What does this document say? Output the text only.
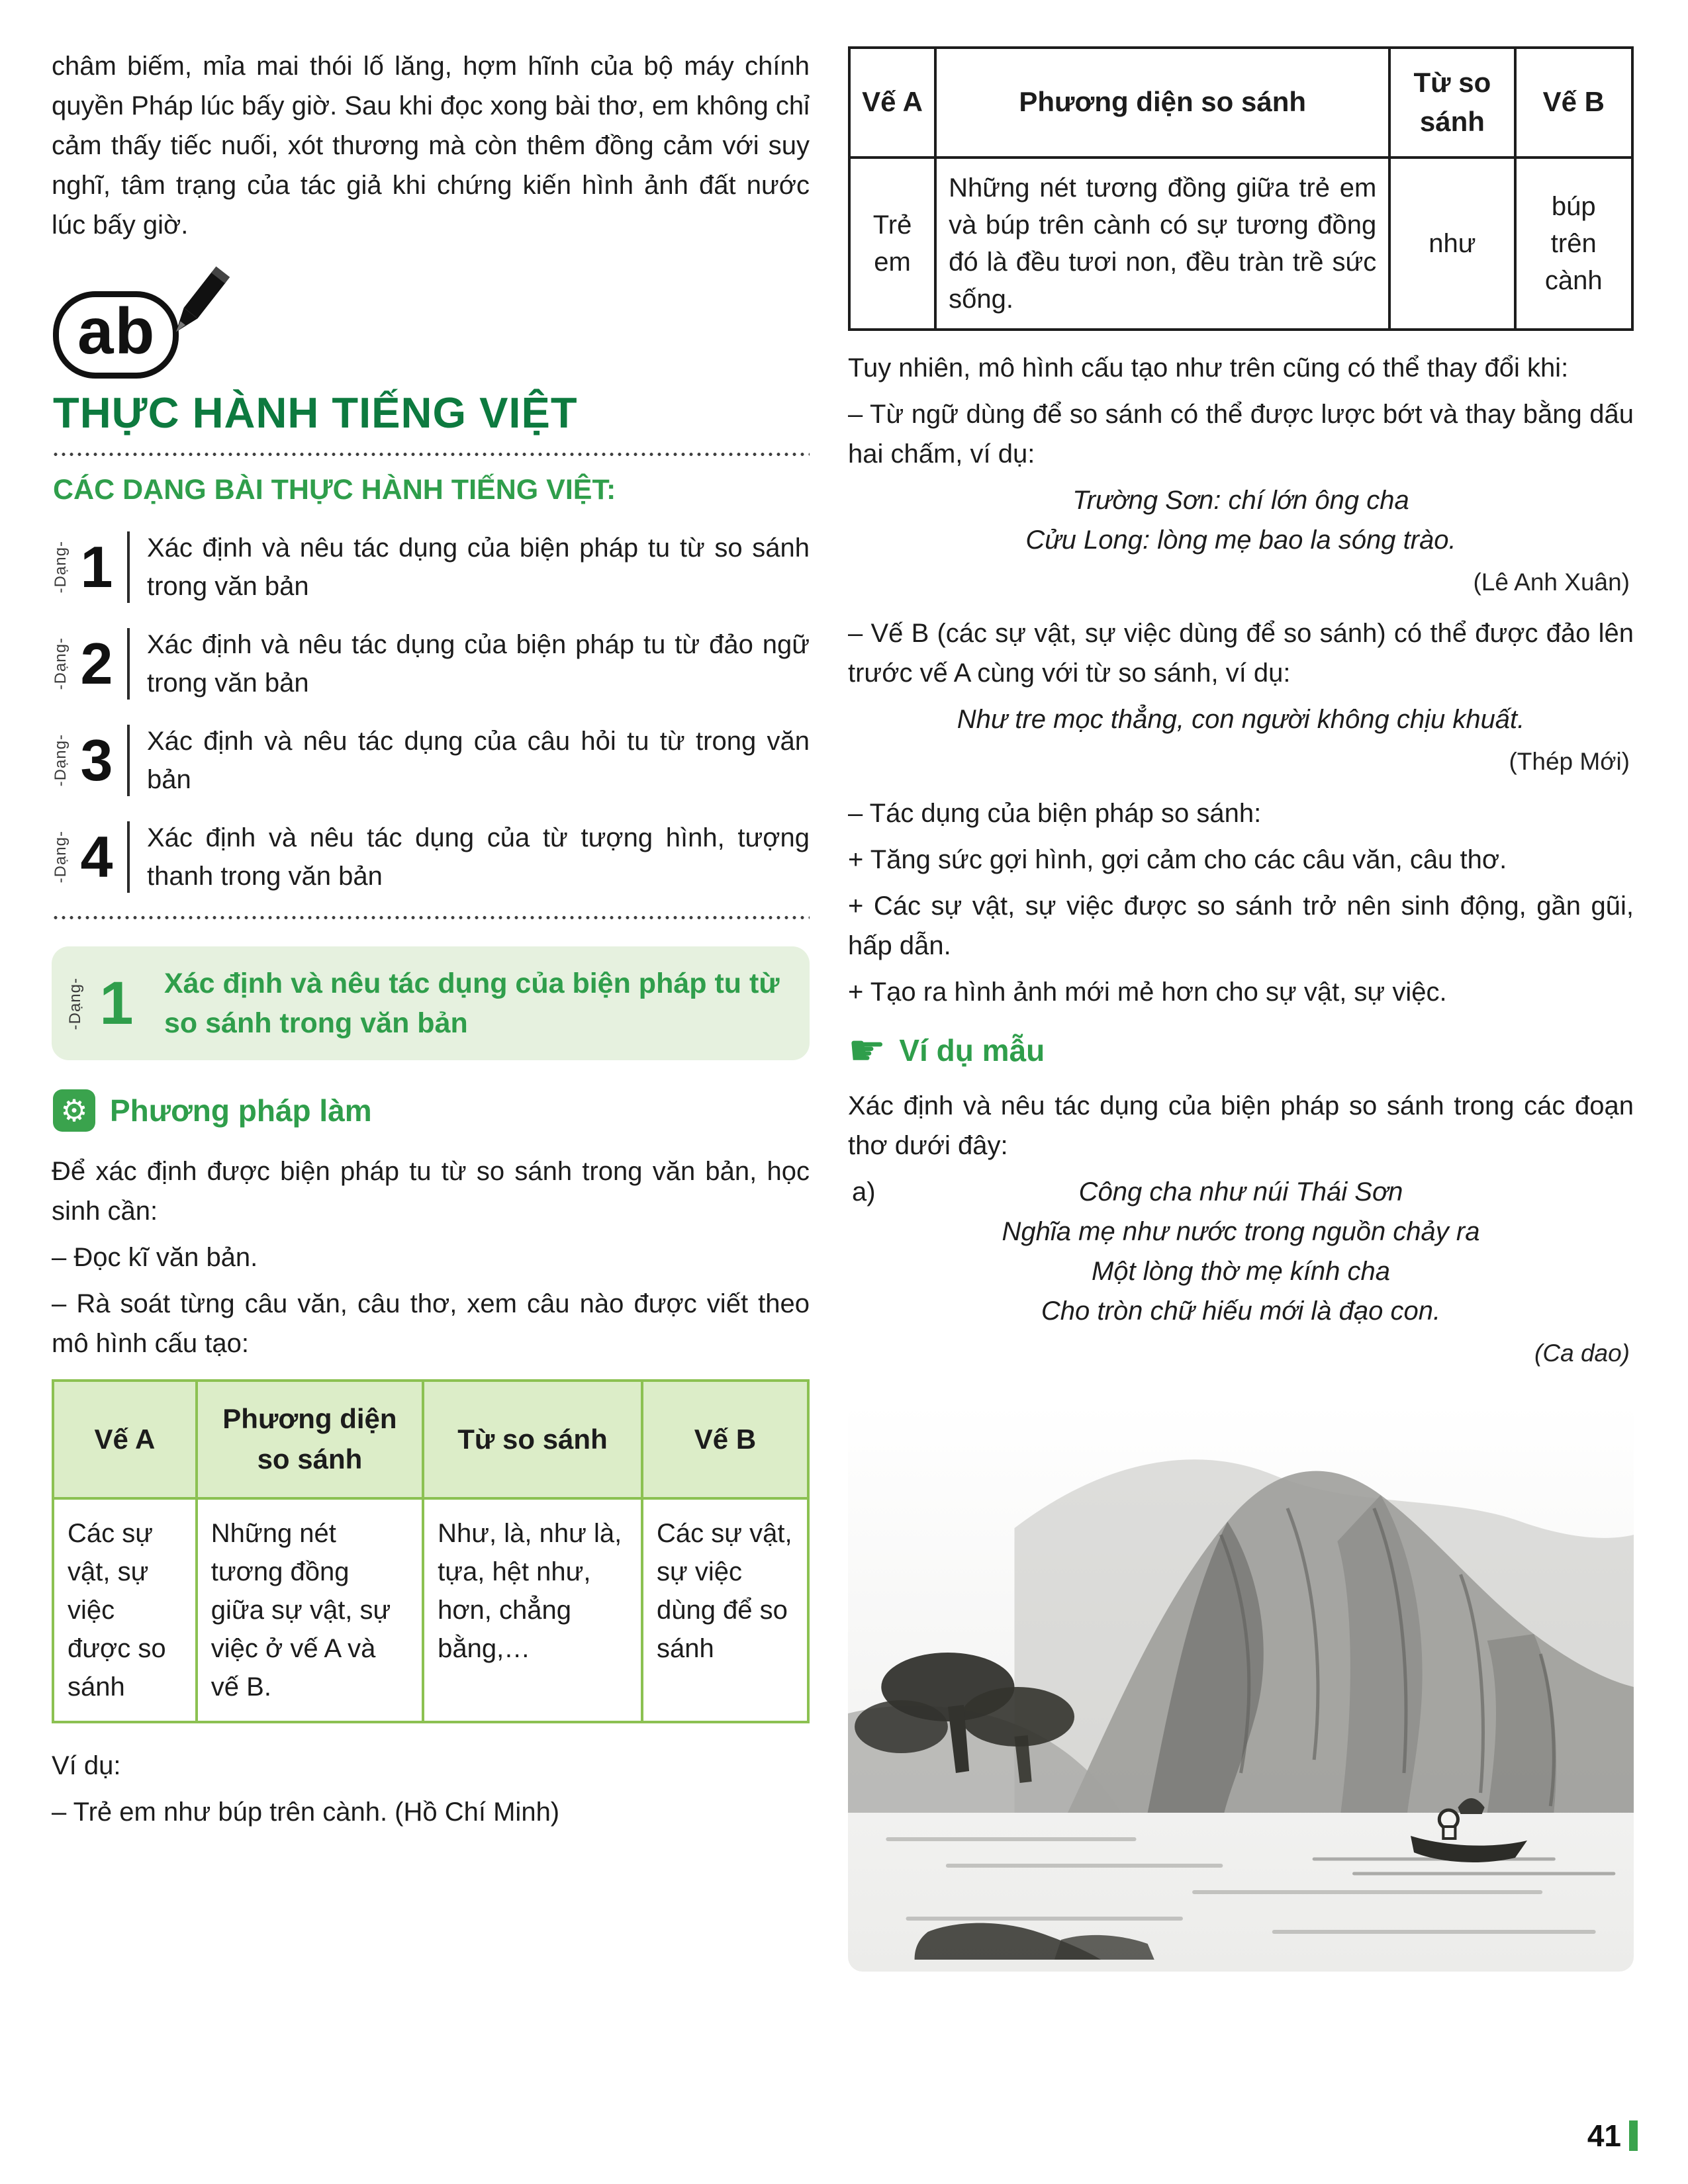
châm biếm, mỉa mai thói lố lăng, hợm hĩnh của bộ máy chính quyền Pháp lúc bấy giờ. Sau khi đọc xong bài thơ, em không chỉ cảm thấy tiếc nuối, xót thương mà còn thêm đồng cảm với suy nghĩ, tâm trạng của tác giả khi chứng kiến hình ảnh đất nước lúc bấy giờ.

ab
THỰC HÀNH TIẾNG VIỆT
CÁC DẠNG BÀI THỰC HÀNH TIẾNG VIỆT:
-Dạng- 1	Xác định và nêu tác dụng của biện pháp tu từ so sánh trong văn bản
-Dạng- 2	Xác định và nêu tác dụng của biện pháp tu từ đảo ngữ trong văn bản
-Dạng- 3	Xác định và nêu tác dụng của câu hỏi tu từ trong văn bản
-Dạng- 4	Xác định và nêu tác dụng của từ tượng hình, tượng thanh trong văn bản
-Dạng- 1	Xác định và nêu tác dụng của biện pháp tu từ so sánh trong văn bản
⚙ Phương pháp làm

Để xác định được biện pháp tu từ so sánh trong văn bản, học sinh cần:

– Đọc kĩ văn bản.

– Rà soát từng câu văn, câu thơ, xem câu nào được viết theo mô hình cấu tạo:

Vế A	Phương diện so sánh	Từ so sánh	Vế B
Các sự vật, sự việc được so sánh	Những nét tương đồng giữa sự vật, sự việc ở vế A và vế B.	Như, là, như là, tựa, hệt như, hơn, chẳng bằng,…	Các sự vật, sự việc dùng để so sánh

Ví dụ:

– Trẻ em như búp trên cành. (Hồ Chí Minh)

Vế A	Phương diện so sánh	Từ so sánh	Vế B
Trẻ em	Những nét tương đồng giữa trẻ em và búp trên cành có sự tương đồng đó là đều tươi non, đều tràn trề sức sống.	như	búp trên cành

Tuy nhiên, mô hình cấu tạo như trên cũng có thể thay đổi khi:

– Từ ngữ dùng để so sánh có thể được lược bớt và thay bằng dấu hai chấm, ví dụ:

Trường Sơn: chí lớn ông cha

Cửu Long: lòng mẹ bao la sóng trào.

(Lê Anh Xuân)

– Vế B (các sự vật, sự việc dùng để so sánh) có thể được đảo lên trước vế A cùng với từ so sánh, ví dụ:

Như tre mọc thẳng, con người không chịu khuất.

(Thép Mới)

– Tác dụng của biện pháp so sánh:

+ Tăng sức gợi hình, gợi cảm cho các câu văn, câu thơ.

+ Các sự vật, sự việc được so sánh trở nên sinh động, gần gũi, hấp dẫn.

+ Tạo ra hình ảnh mới mẻ hơn cho sự vật, sự việc.

☛ Ví dụ mẫu

Xác định và nêu tác dụng của biện pháp so sánh trong các đoạn thơ dưới đây:

a)	Công cha như núi Thái Sơn

Nghĩa mẹ như nước trong nguồn chảy ra

Một lòng thờ mẹ kính cha

Cho tròn chữ hiếu mới là đạo con.

(Ca dao)

41
